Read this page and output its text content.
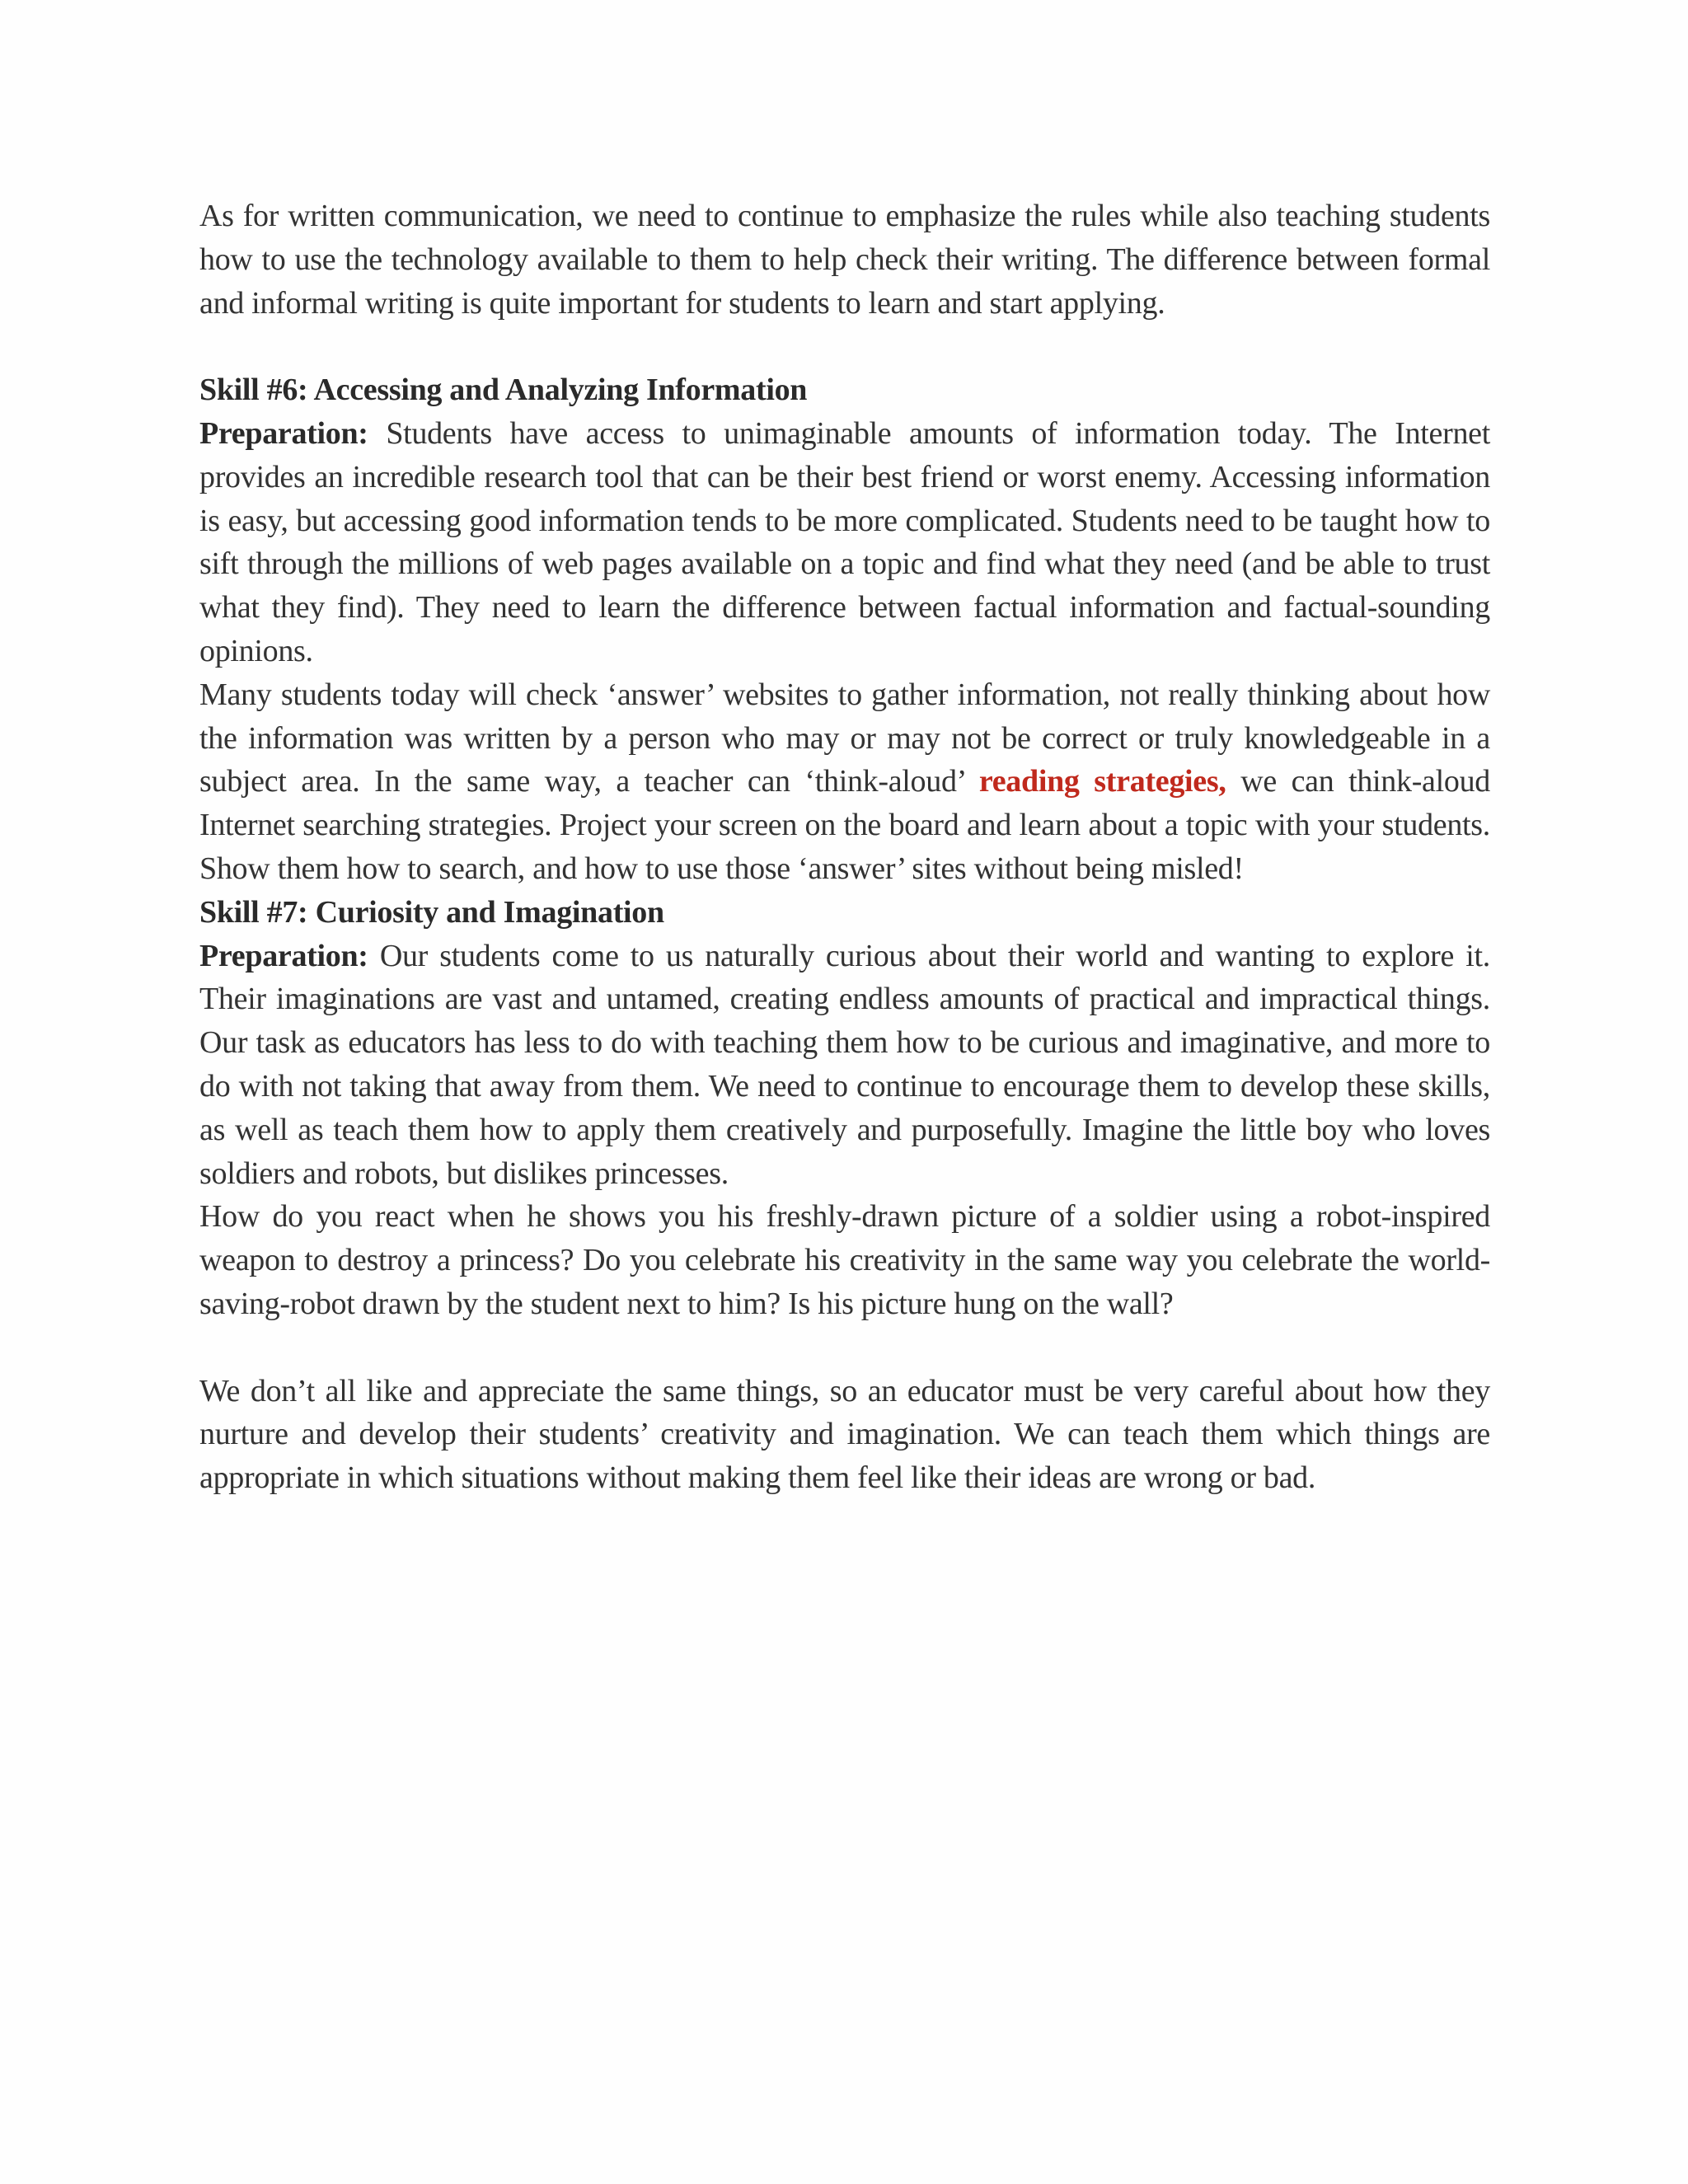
As for written communication, we need to continue to emphasize the rules while also teaching students how to use the technology available to them to help check their writing. The difference between formal and informal writing is quite important for students to learn and start applying.

Skill #6: Accessing and Analyzing Information

Preparation: Students have access to unimaginable amounts of information today. The Internet provides an incredible research tool that can be their best friend or worst enemy. Accessing information is easy, but accessing good information tends to be more complicated. Students need to be taught how to sift through the millions of web pages available on a topic and find what they need (and be able to trust what they find). They need to learn the difference between factual information and factual-sounding opinions.

Many students today will check ‘answer’ websites to gather information, not really thinking about how the information was written by a person who may or may not be correct or truly knowledgeable in a subject area. In the same way, a teacher can ‘think-aloud’ reading strategies, we can think-aloud Internet searching strategies. Project your screen on the board and learn about a topic with your students. Show them how to search, and how to use those ‘answer’ sites without being misled!

Skill #7: Curiosity and Imagination

Preparation: Our students come to us naturally curious about their world and wanting to explore it. Their imaginations are vast and untamed, creating endless amounts of practical and impractical things. Our task as educators has less to do with teaching them how to be curious and imaginative, and more to do with not taking that away from them. We need to continue to encourage them to develop these skills, as well as teach them how to apply them creatively and purposefully. Imagine the little boy who loves soldiers and robots, but dislikes princesses.

How do you react when he shows you his freshly-drawn picture of a soldier using a robot-inspired weapon to destroy a princess? Do you celebrate his creativity in the same way you celebrate the world-saving-robot drawn by the student next to him? Is his picture hung on the wall?

We don’t all like and appreciate the same things, so an educator must be very careful about how they nurture and develop their students’ creativity and imagination. We can teach them which things are appropriate in which situations without making them feel like their ideas are wrong or bad.
